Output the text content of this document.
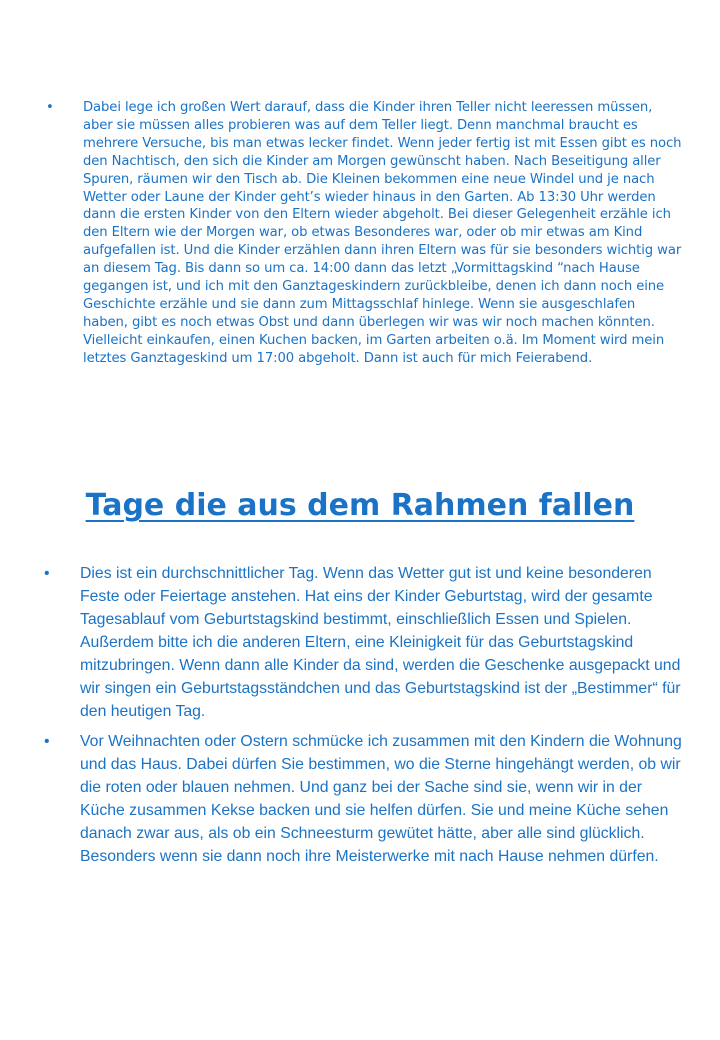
• Dabei lege ich großen Wert darauf, dass die Kinder ihren Teller nicht leeressen müssen, aber sie müssen alles probieren was auf dem Teller liegt. Denn manchmal braucht es mehrere Versuche, bis man etwas lecker findet. Wenn jeder fertig ist mit Essen gibt es noch den Nachtisch, den sich die Kinder am Morgen gewünscht haben. Nach Beseitigung aller Spuren, räumen wir den Tisch ab. Die Kleinen bekommen eine neue Windel und je nach Wetter oder Laune der Kinder geht’s wieder hinaus in den Garten. Ab 13:30 Uhr werden dann die ersten Kinder von den Eltern wieder abgeholt. Bei dieser Gelegenheit erzähle ich den Eltern wie der Morgen war, ob etwas Besonderes war, oder ob mir etwas am Kind aufgefallen ist. Und die Kinder erzählen dann ihren Eltern was für sie besonders wichtig war an diesem Tag. Bis dann so um ca. 14:00 dann das letzt „Vormittagskind “nach Hause gegangen ist, und ich mit den Ganztageskindern zurückbleibe, denen ich dann noch eine Geschichte erzähle und sie dann zum Mittagsschlaf hinlege. Wenn sie ausgeschlafen haben, gibt es noch etwas Obst und dann überlegen wir was wir noch machen könnten. Vielleicht einkaufen, einen Kuchen backen, im Garten arbeiten o.ä. Im Moment wird mein letztes Ganztageskind um 17:00 abgeholt. Dann ist auch für mich Feierabend.
Tage die aus dem Rahmen fallen
• Dies ist ein durchschnittlicher Tag. Wenn das Wetter gut ist und keine besonderen Feste oder Feiertage anstehen. Hat eins der Kinder Geburtstag, wird der gesamte Tagesablauf vom Geburtstagskind bestimmt, einschließlich Essen und Spielen. Außerdem bitte ich die anderen Eltern, eine Kleinigkeit für das Geburtstagskind mitzubringen. Wenn dann alle Kinder da sind, werden die Geschenke ausgepackt und wir singen ein Geburtstagsständchen und das Geburtstagskind ist der „Bestimmer“ für den heutigen Tag.
• Vor Weihnachten oder Ostern schmücke ich zusammen mit den Kindern die Wohnung und das Haus. Dabei dürfen Sie bestimmen, wo die Sterne hingehängt werden, ob wir die roten oder blauen nehmen. Und ganz bei der Sache sind sie, wenn wir in der Küche zusammen Kekse backen und sie helfen dürfen. Sie und meine Küche sehen danach zwar aus, als ob ein Schneesturm gewütet hätte, aber alle sind glücklich. Besonders wenn sie dann noch ihre Meisterwerke mit nach Hause nehmen dürfen.
